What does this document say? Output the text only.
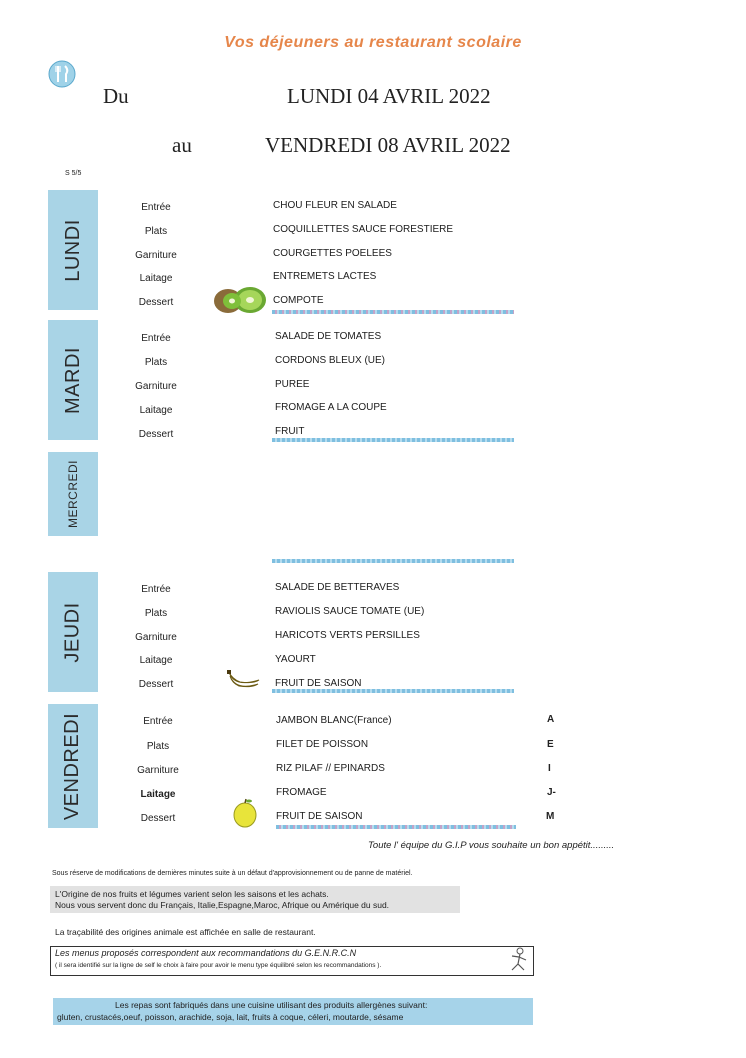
Vos déjeuners au restaurant scolaire
Du	LUNDI 04 AVRIL 2022
au	VENDREDI 08 AVRIL 2022
S 5/5
LUNDI
MARDI
MERCREDI
JEUDI
VENDREDI
Entrée
Plats
Garniture
Laitage
Dessert
CHOU FLEUR EN SALADE
COQUILLETTES SAUCE FORESTIERE
COURGETTES POELEES
ENTREMETS LACTES
COMPOTE
Entrée
Plats
Garniture
Laitage
Dessert
SALADE DE TOMATES
CORDONS BLEUX (UE)
PUREE
FROMAGE A LA COUPE
FRUIT
Entrée
Plats
Garniture
Laitage
Dessert
SALADE DE BETTERAVES
RAVIOLIS SAUCE TOMATE (UE)
HARICOTS VERTS PERSILLES
YAOURT
FRUIT DE SAISON
Entrée
Plats
Garniture
Laitage
Dessert
JAMBON BLANC(France)
FILET DE POISSON
RIZ PILAF // EPINARDS
FROMAGE
FRUIT DE SAISON
A
E
I
J-
M
Toute l' équipe du G.I.P vous souhaite un bon appétit.........
Sous réserve de modifications de dernières minutes suite à un défaut d'approvisionnement ou de panne de matériel.
L'Origine de nos fruits et légumes varient selon les saisons et les achats.
Nous vous servent donc du Français, Italie,Espagne,Maroc, Afrique ou Amérique du sud.
La traçabilité des origines animale est affichée en salle de restaurant.
Les menus proposés correspondent aux recommandations du G.E.N.R.C.N
( il sera identifié sur la ligne de self le choix à faire pour avoir le menu type équilibré selon les recommandations ).
Les repas sont fabriqués dans une cuisine utilisant des produits allergènes suivant:
gluten, crustacés,oeuf, poisson, arachide, soja, lait, fruits à coque, céleri, moutarde, sésame
